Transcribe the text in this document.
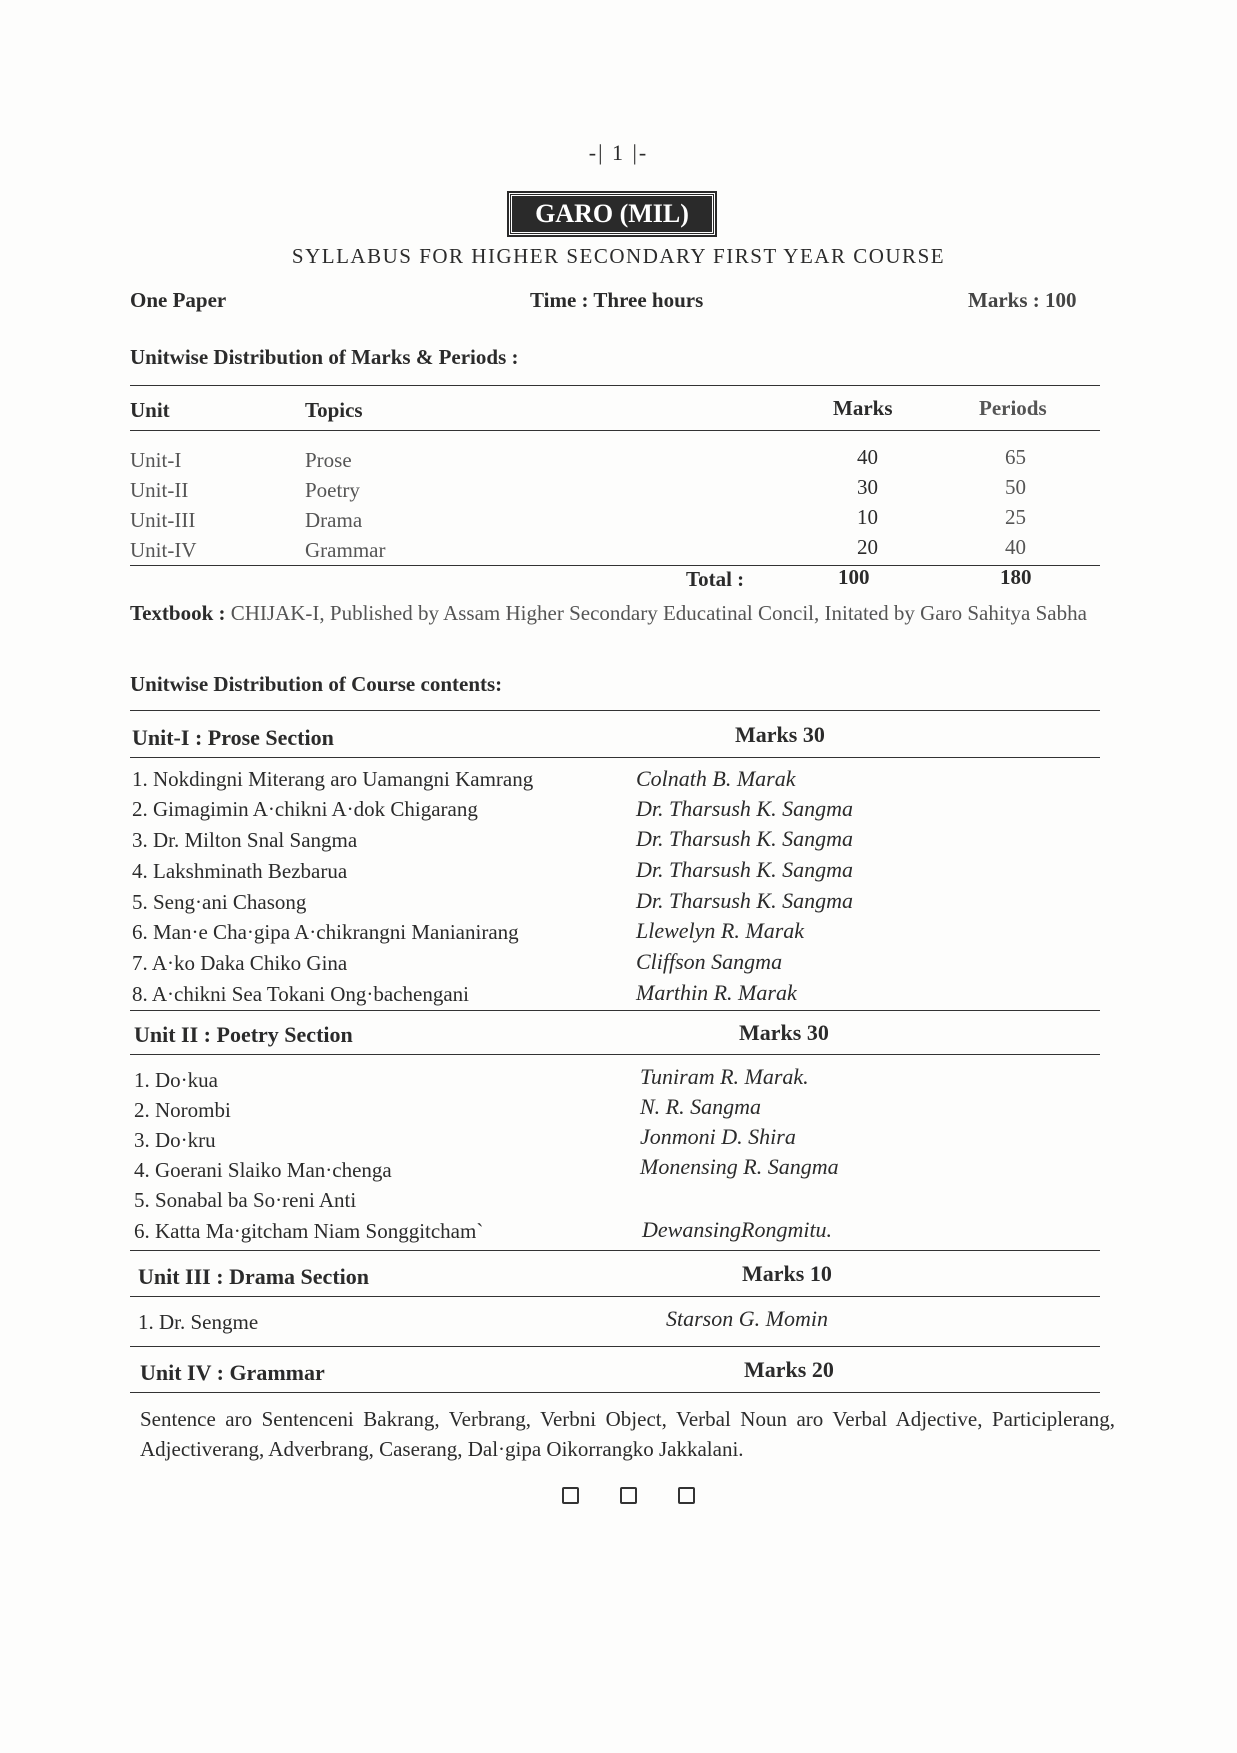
-| 1 |-
GARO (MIL)
SYLLABUS FOR HIGHER SECONDARY FIRST YEAR COURSE
One Paper	Time : Three hours	Marks : 100
Unitwise Distribution of Marks & Periods :
Unit	Topics	Marks	Periods
Unit-I	Prose	40	65
Unit-II	Poetry	30	50
Unit-III	Drama	10	25
Unit-IV	Grammar	20	40
Total :	100	180
Textbook : CHIJAK-I, Published by Assam Higher Secondary Educatinal Concil, Initated by Garo Sahitya Sabha
Unitwise Distribution of Course contents:
Unit-I : Prose Section	Marks 30
1. Nokdingni Miterang aro Uamangni Kamrang	Colnath B. Marak
2. Gimagimin A·chikni A·dok Chigarang	Dr. Tharsush K. Sangma
3. Dr. Milton Snal Sangma	Dr. Tharsush K. Sangma
4. Lakshminath Bezbarua	Dr. Tharsush K. Sangma
5. Seng·ani Chasong	Dr. Tharsush K. Sangma
6. Man·e Cha·gipa A·chikrangni Manianirang	Llewelyn R. Marak
7. A·ko Daka Chiko Gina	Cliffson Sangma
8. A·chikni Sea Tokani Ong·bachengani	Marthin R. Marak
Unit II : Poetry Section	Marks 30
1. Do·kua	Tuniram R. Marak.
2. Norombi	N. R. Sangma
3. Do·kru	Jonmoni D. Shira
4. Goerani Slaiko Man·chenga	Monensing R. Sangma
5. Sonabal ba So·reni Anti
6. Katta Ma·gitcham Niam Songgitcham`	DewansingRongmitu.
Unit III : Drama Section	Marks 10
1. Dr. Sengme	Starson G. Momin
Unit IV : Grammar	Marks 20
Sentence aro Sentenceni Bakrang, Verbrang, Verbni Object, Verbal Noun aro Verbal Adjective, Participlerang, Adjectiverang, Adverbrang, Caserang, Dal·gipa Oikorrangko Jakkalani.
